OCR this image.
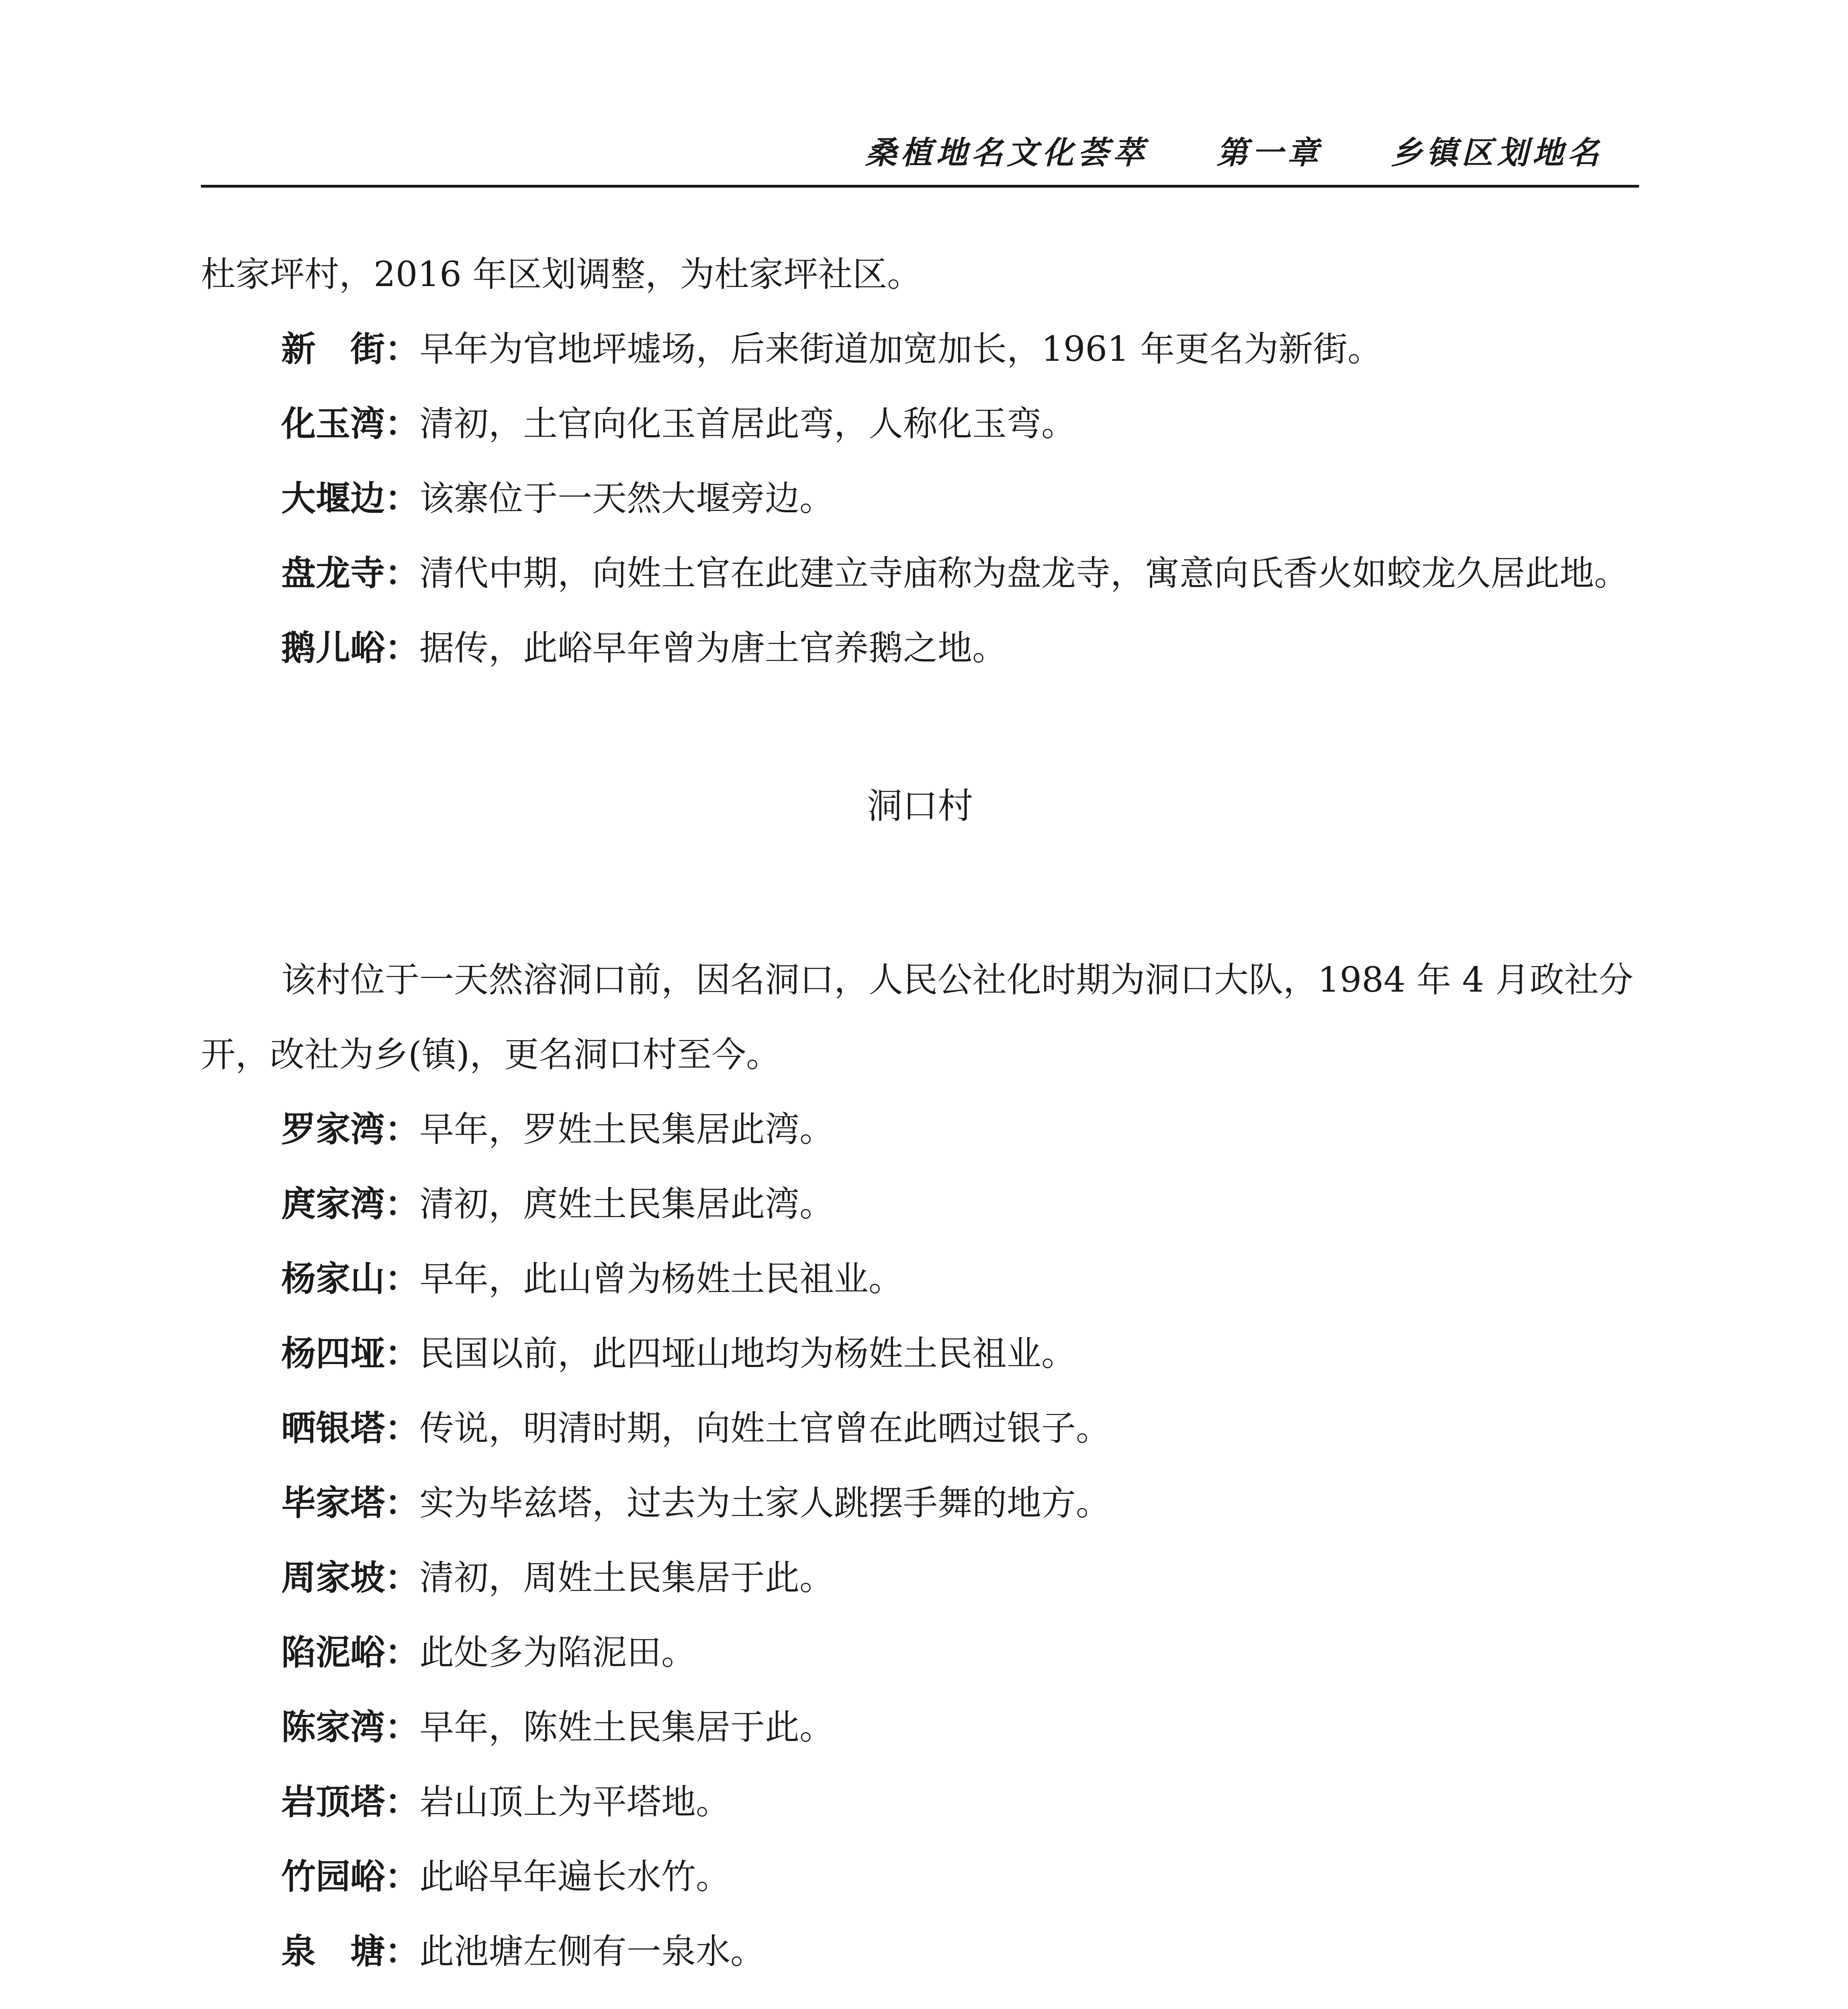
桑植地名文化荟萃 第一章 乡镇区划地名

杜家坪村，2016 年区划调整，为杜家坪社区。

新　街：早年为官地坪墟场，后来街道加宽加长，1961 年更名为新街。

化玉湾：清初，土官向化玉首居此弯，人称化玉弯。

大堰边：该寨位于一天然大堰旁边。

盘龙寺：清代中期，向姓土官在此建立寺庙称为盘龙寺，寓意向氏香火如蛟龙久居此地。

鹅儿峪：据传，此峪早年曾为唐土官养鹅之地。

洞口村

该村位于一天然溶洞口前，因名洞口，人民公社化时期为洞口大队，1984 年 4 月政社分开，改社为乡(镇)，更名洞口村至今。

罗家湾：早年，罗姓土民集居此湾。

庹家湾：清初，庹姓土民集居此湾。

杨家山：早年，此山曾为杨姓土民祖业。

杨四垭：民国以前，此四垭山地均为杨姓土民祖业。

晒银塔：传说，明清时期，向姓土官曾在此晒过银子。

毕家塔：实为毕兹塔，过去为土家人跳摆手舞的地方。

周家坡：清初，周姓土民集居于此。

陷泥峪：此处多为陷泥田。

陈家湾：早年，陈姓土民集居于此。

岩顶塔：岩山顶上为平塔地。

竹园峪：此峪早年遍长水竹。

泉　塘：此池塘左侧有一泉水。
